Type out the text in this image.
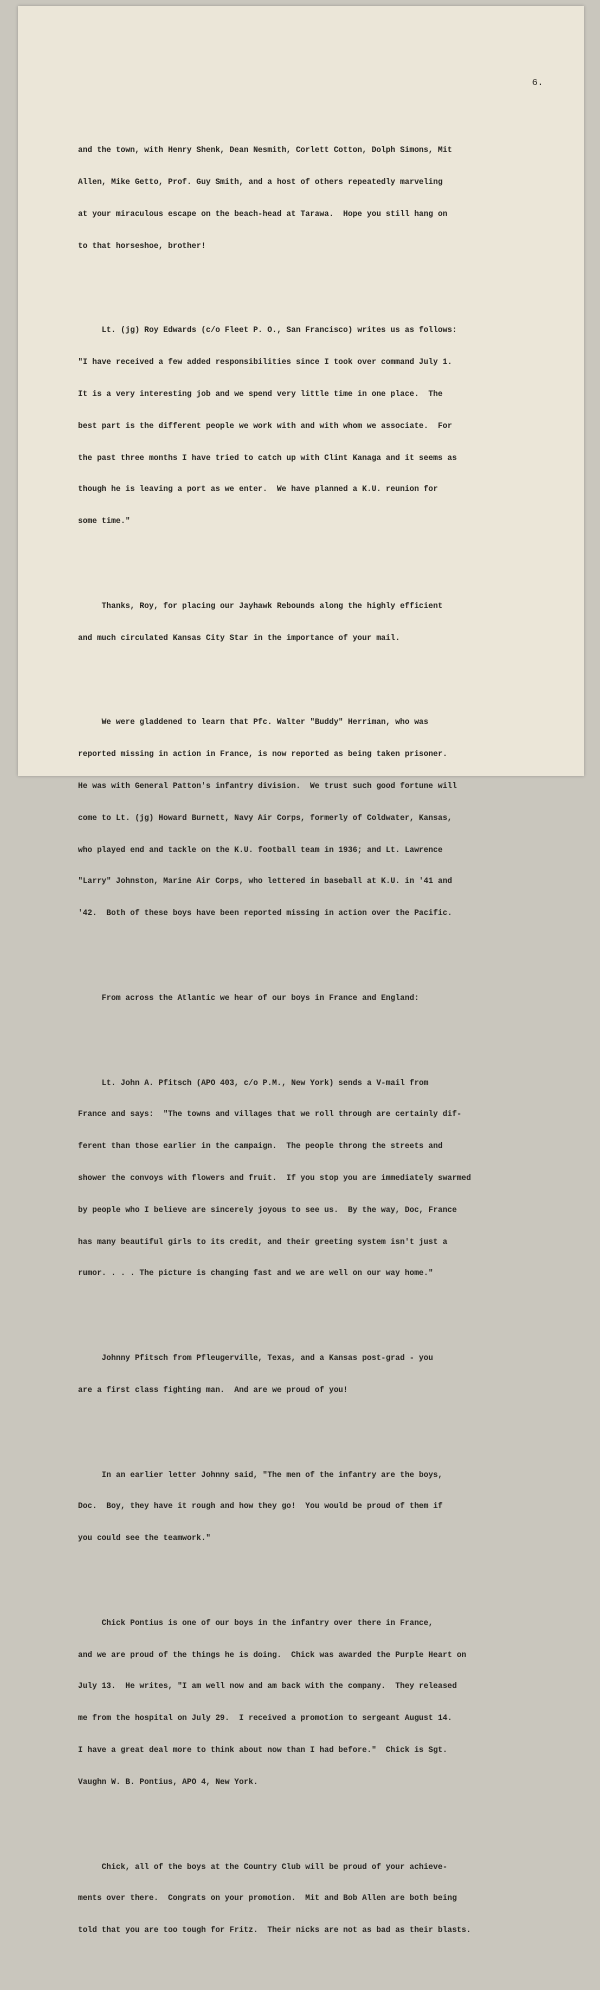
6.

and the town, with Henry Shenk, Dean Nesmith, Corlett Cotton, Dolph Simons, Mit

Allen, Mike Getto, Prof. Guy Smith, and a host of others repeatedly marveling

at your miraculous escape on the beach-head at Tarawa.  Hope you still hang on

to that horseshoe, brother!

Lt. (jg) Roy Edwards (c/o Fleet P. O., San Francisco) writes us as follows:

"I have received a few added responsibilities since I took over command July 1.

It is a very interesting job and we spend very little time in one place.  The

best part is the different people we work with and with whom we associate.  For

the past three months I have tried to catch up with Clint Kanaga and it seems as

though he is leaving a port as we enter.  We have planned a K.U. reunion for

some time."

Thanks, Roy, for placing our Jayhawk Rebounds along the highly efficient

and much circulated Kansas City Star in the importance of your mail.

We were gladdened to learn that Pfc. Walter "Buddy" Herriman, who was

reported missing in action in France, is now reported as being taken prisoner.

He was with General Patton's infantry division.  We trust such good fortune will

come to Lt. (jg) Howard Burnett, Navy Air Corps, formerly of Coldwater, Kansas,

who played end and tackle on the K.U. football team in 1936; and Lt. Lawrence

"Larry" Johnston, Marine Air Corps, who lettered in baseball at K.U. in '41 and

'42.  Both of these boys have been reported missing in action over the Pacific.

From across the Atlantic we hear of our boys in France and England:

Lt. John A. Pfitsch (APO 403, c/o P.M., New York) sends a V-mail from

France and says:  "The towns and villages that we roll through are certainly dif-

ferent than those earlier in the campaign.  The people throng the streets and

shower the convoys with flowers and fruit.  If you stop you are immediately swarmed

by people who I believe are sincerely joyous to see us.  By the way, Doc, France

has many beautiful girls to its credit, and their greeting system isn't just a

rumor. . . . The picture is changing fast and we are well on our way home."

Johnny Pfitsch from Pfleugerville, Texas, and a Kansas post-grad - you

are a first class fighting man.  And are we proud of you!

In an earlier letter Johnny said, "The men of the infantry are the boys,

Doc.  Boy, they have it rough and how they go!  You would be proud of them if

you could see the teamwork."

Chick Pontius is one of our boys in the infantry over there in France,

and we are proud of the things he is doing.  Chick was awarded the Purple Heart on

July 13.  He writes, "I am well now and am back with the company.  They released

me from the hospital on July 29.  I received a promotion to sergeant August 14.

I have a great deal more to think about now than I had before."  Chick is Sgt.

Vaughn W. B. Pontius, APO 4, New York.

Chick, all of the boys at the Country Club will be proud of your achieve-

ments over there.  Congrats on your promotion.  Mit and Bob Allen are both being

told that you are too tough for Fritz.  Their nicks are not as bad as their blasts.
